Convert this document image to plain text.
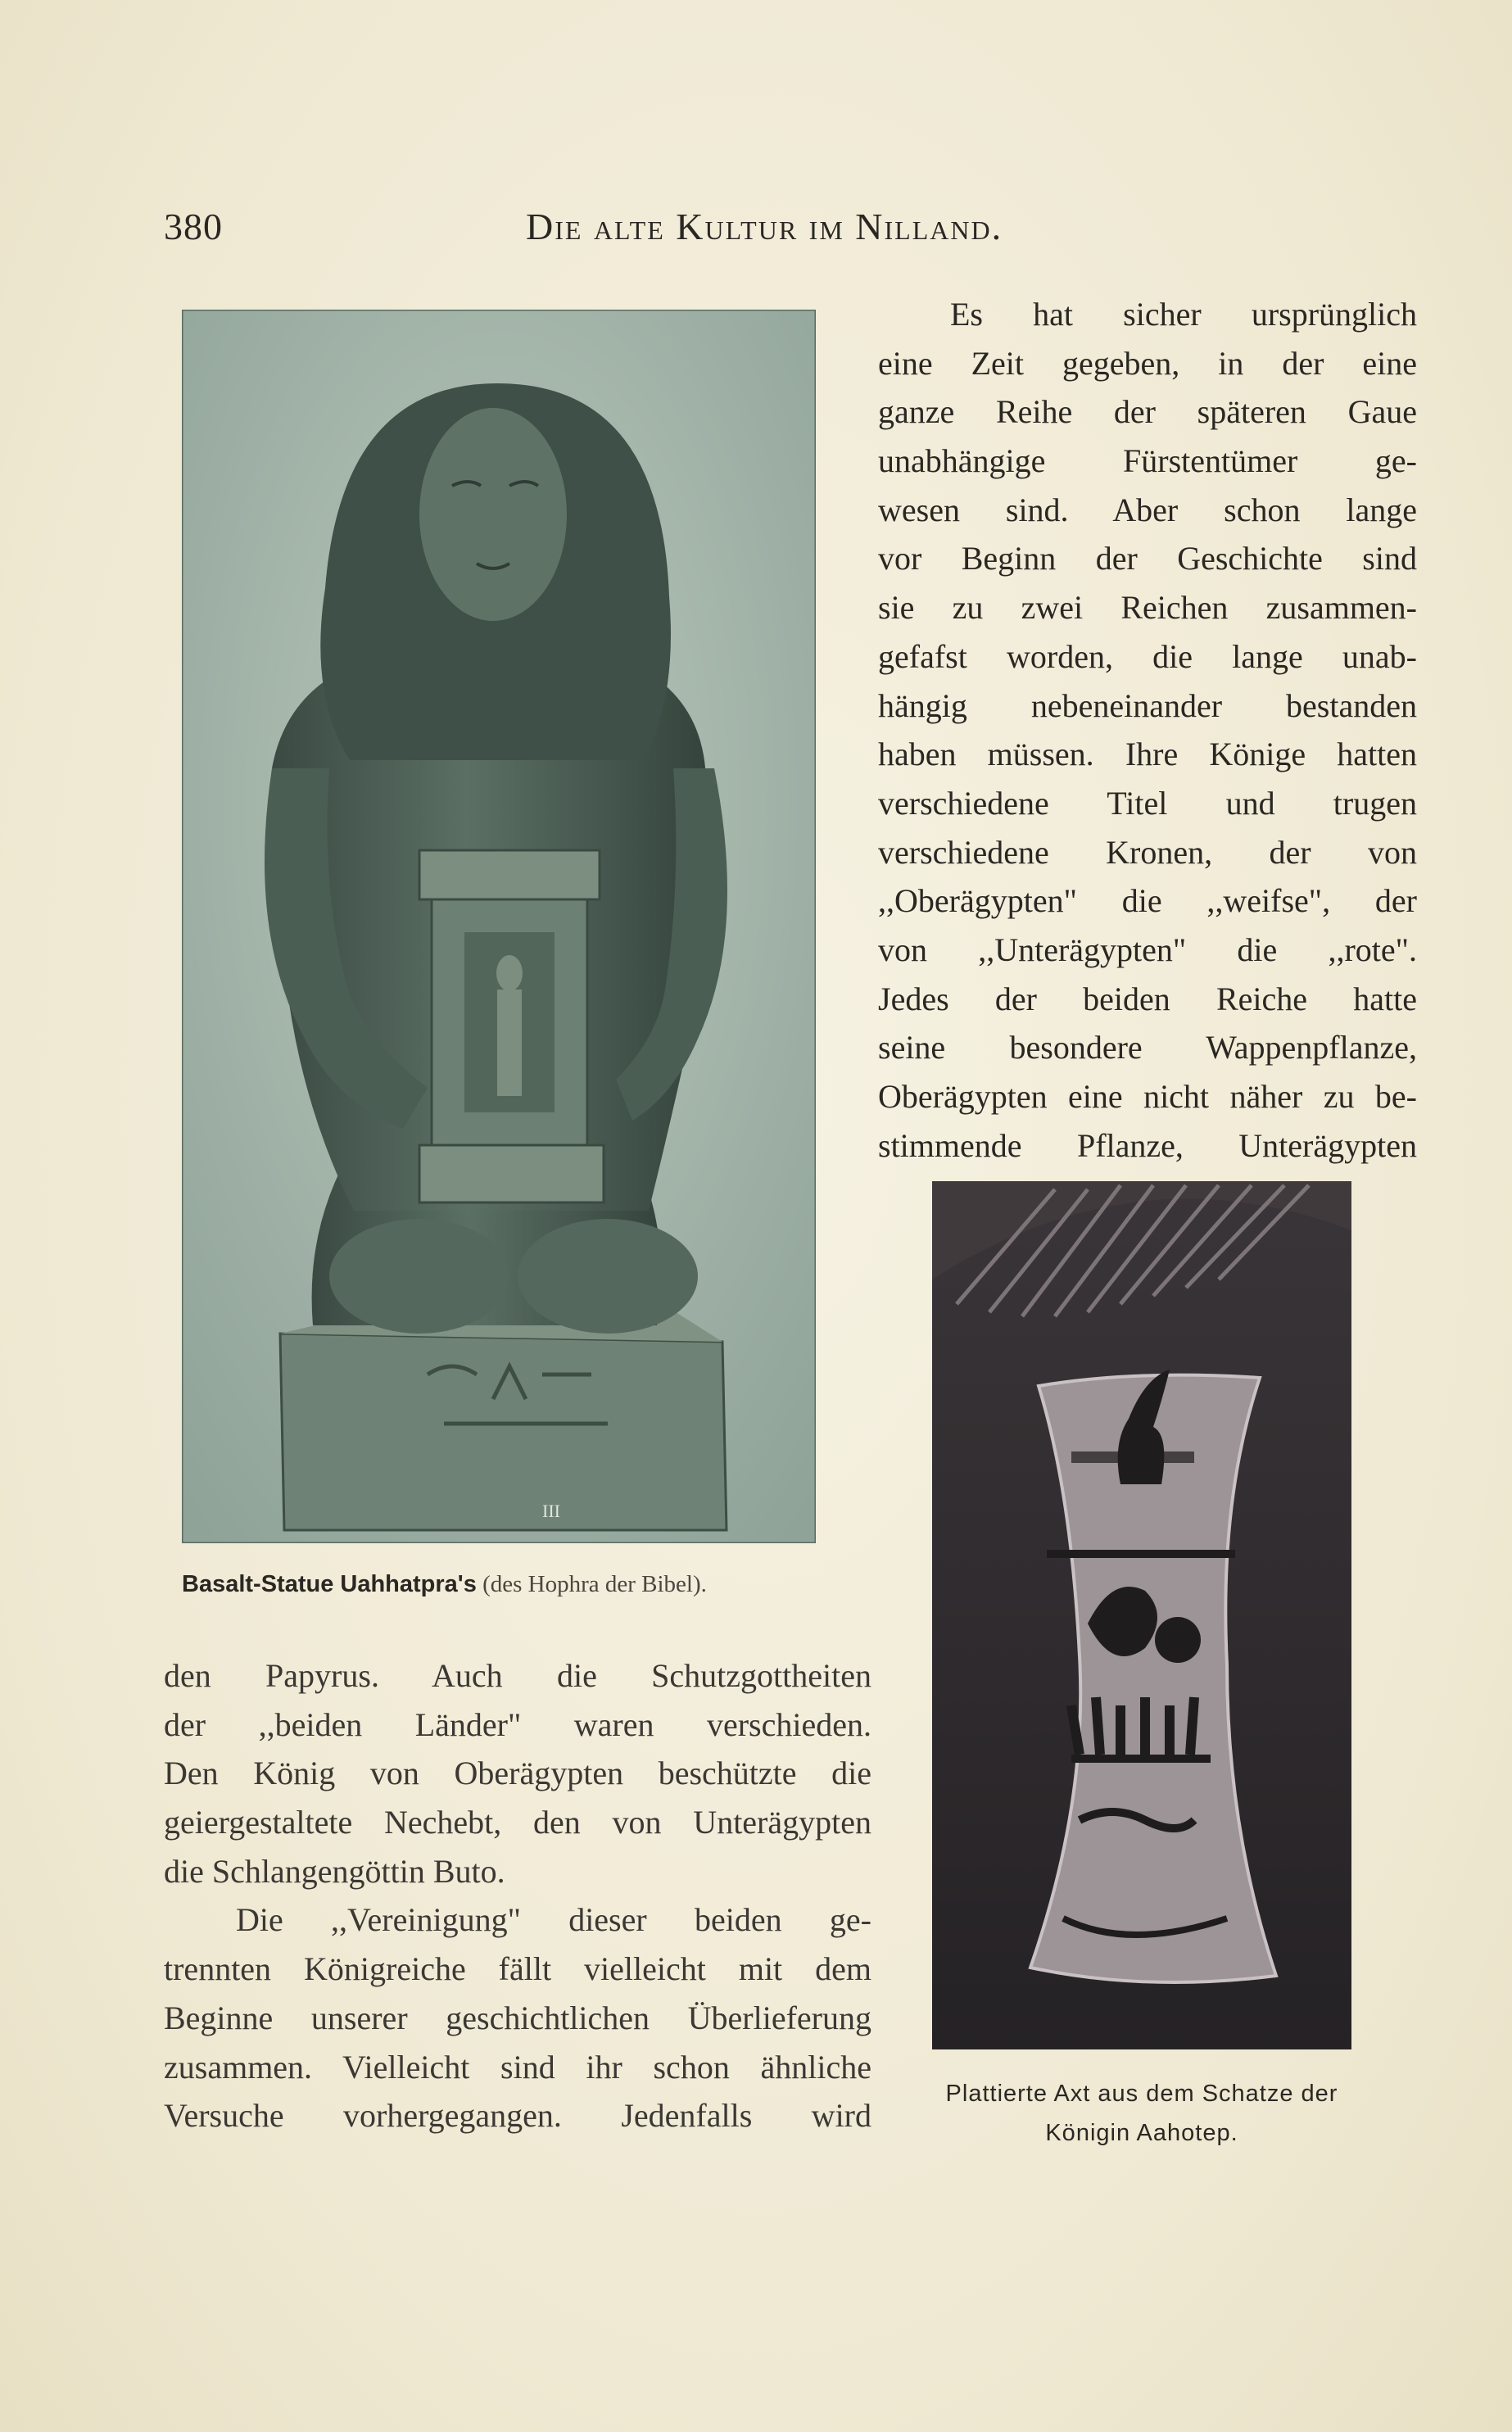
380	Die alte Kultur im Nilland.
III
Basalt-Statue Uahhatpra's (des Hophra der Bibel).
Plattierte Axt aus dem Schatze der
Königin Aahotep.
Es hat sicher ursprünglich
eine Zeit gegeben, in der eine
ganze Reihe der späteren Gaue
unabhängige Fürstentümer ge-
wesen sind. Aber schon lange
vor Beginn der Geschichte sind
sie zu zwei Reichen zusammen-
gefafst worden, die lange unab-
hängig nebeneinander bestanden
haben müssen. Ihre Könige hatten
verschiedene Titel und trugen
verschiedene Kronen, der von
,,Oberägypten" die ,,weifse", der
von ,,Unterägypten" die ,,rote".
Jedes der beiden Reiche hatte
seine besondere Wappenpflanze,
Oberägypten eine nicht näher zu be-
stimmende Pflanze, Unterägypten
den Papyrus. Auch die Schutzgottheiten
der ,,beiden Länder" waren verschieden.
Den König von Oberägypten beschützte die
geiergestaltete Nechebt, den von Unterägypten
die Schlangengöttin Buto.
Die ,,Vereinigung" dieser beiden ge-
trennten Königreiche fällt vielleicht mit dem
Beginne unserer geschichtlichen Überlieferung
zusammen. Vielleicht sind ihr schon ähnliche
Versuche vorhergegangen. Jedenfalls wird
